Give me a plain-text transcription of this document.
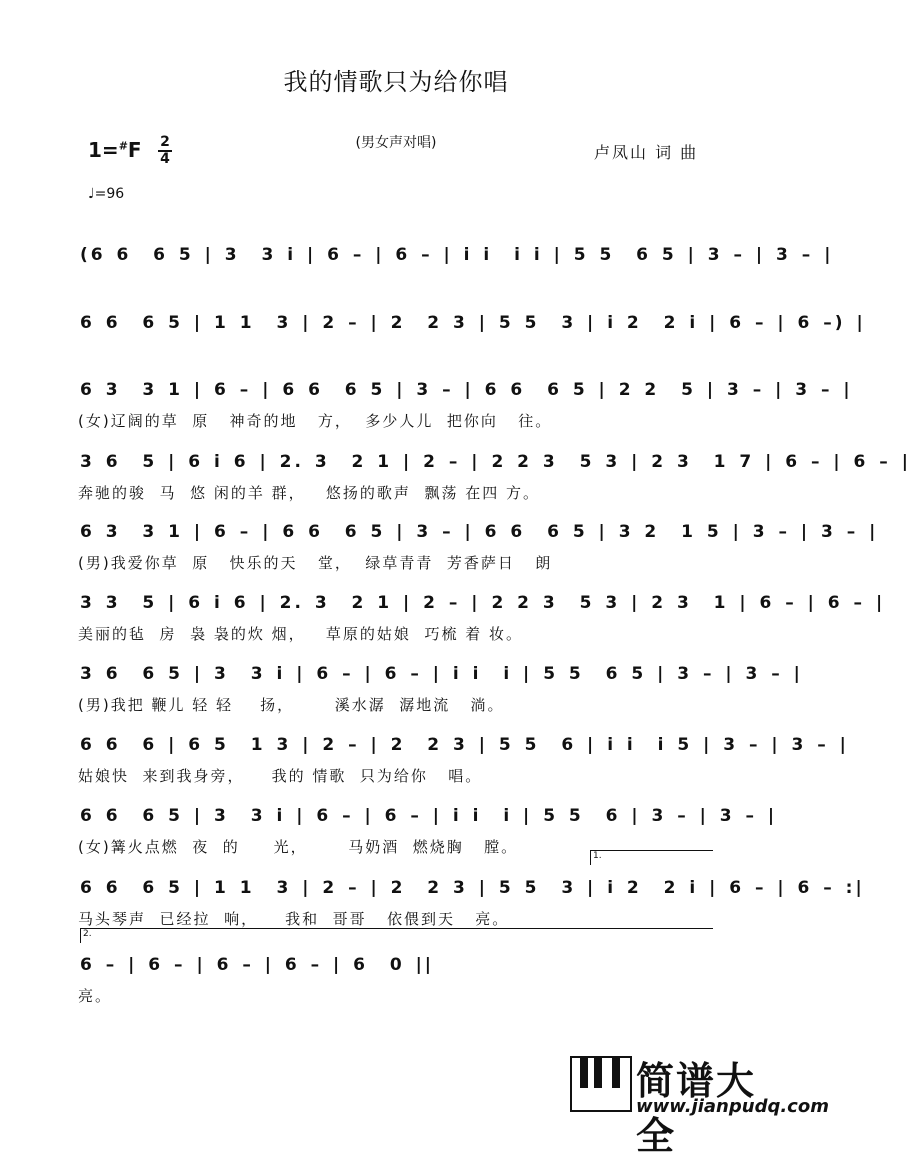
我的情歌只为给你唱
(男女声对唱)
1=#F 2
4	卢凤山 词 曲
♩=96
(6 6  6 5 | 3  3 i | 6 – | 6 – | i i  i i | 5 5  6 5 | 3 – | 3 – |
6 6  6 5 | 1 1  3 | 2 – | 2  2 3 | 5 5  3 | i 2  2 i | 6 – | 6 –) |
6 3  3 1 | 6 – | 6 6  6 5 | 3 – | 6 6  6 5 | 2 2  5 | 3 – | 3 – |
(女)辽阔的草  原   神奇的地   方，  多少人儿  把你向   往。
3 6  5 | 6 i 6 | 2. 3  2 1 | 2 – | 2 2 3  5 3 | 2 3  1 7 | 6 – | 6 – |
奔驰的骏  马  悠 闲的羊 群，   悠扬的歌声  飘荡 在四 方。
6 3  3 1 | 6 – | 6 6  6 5 | 3 – | 6 6  6 5 | 3 2  1 5 | 3 – | 3 – |
(男)我爱你草  原   快乐的天   堂，  绿草青青  芳香萨日   朗
3 3  5 | 6 i 6 | 2. 3  2 1 | 2 – | 2 2 3  5 3 | 2 3  1 | 6 – | 6 – |
美丽的毡  房  袅 袅的炊 烟，   草原的姑娘  巧梳 着 妆。
3 6  6 5 | 3  3 i | 6 – | 6 – | i i  i | 5 5  6 5 | 3 – | 3 – |
(男)我把 鞭儿 轻 轻    扬，      溪水潺  潺地流   淌。
6 6  6 | 6 5  1 3 | 2 – | 2  2 3 | 5 5  6 | i i  i 5 | 3 – | 3 – |
姑娘快  来到我身旁，    我的 情歌  只为给你   唱。
6 6  6 5 | 3  3 i | 6 – | 6 – | i i  i | 5 5  6 | 3 – | 3 – |
(女)篝火点燃  夜  的     光，      马奶酒  燃烧胸   膛。
6 6  6 5 | 1 1  3 | 2 – | 2  2 3 | 5 5  3 | i 2  2 i | 6 – | 6 – :|
马头琴声  已经拉  响，    我和  哥哥   依偎到天   亮。
6 – | 6 – | 6 – | 6 – | 6  0 ||
亮。
1.
2.
简谱大全
www.jianpudq.com
